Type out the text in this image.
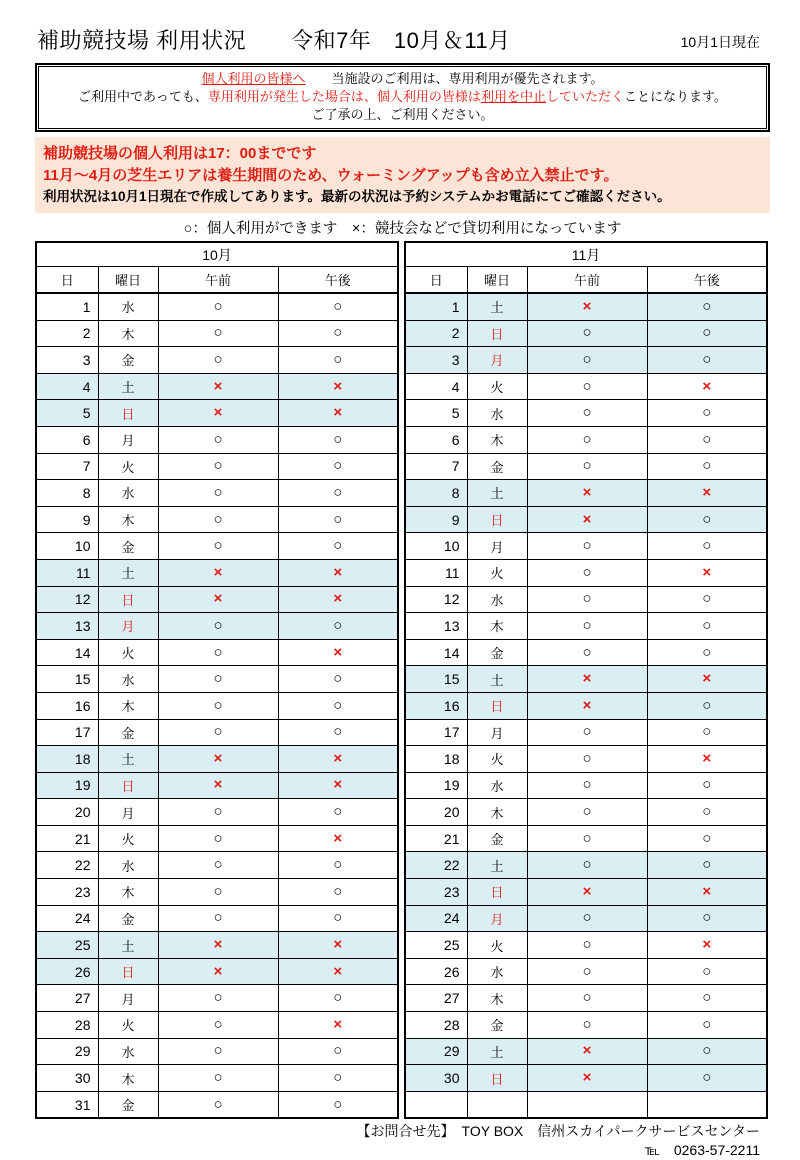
補助競技場 利用状況　　令和7年　10月＆11月	10月1日現在
個人利用の皆様へ　　当施設のご利用は、専用利用が優先されます。
ご利用中であっても、専用利用が発生した場合は、個人利用の皆様は利用を中止していただくことになります。
ご了承の上、ご利用ください。
補助競技場の個人利用は17：00までです
11月～4月の芝生エリアは養生期間のため、ウォーミングアップも含め立入禁止です。
利用状況は10月1日現在で作成してあります。最新の状況は予約システムかお電話にてご確認ください。
○：個人利用ができます　×：競技会などで貸切利用になっています
10月			
日	曜日	午前	午後
1	水	○	○
2	木	○	○
3	金	○	○
4	土	×	×
5	日	×	×
6	月	○	○
7	火	○	○
8	水	○	○
9	木	○	○
10	金	○	○
11	土	×	×
12	日	×	×
13	月	○	○
14	火	○	×
15	水	○	○
16	木	○	○
17	金	○	○
18	土	×	×
19	日	×	×
20	月	○	○
21	火	○	×
22	水	○	○
23	木	○	○
24	金	○	○
25	土	×	×
26	日	×	×
27	月	○	○
28	火	○	×
29	水	○	○
30	木	○	○
31	金	○	○
11月			
日	曜日	午前	午後
1	土	×	○
2	日	○	○
3	月	○	○
4	火	○	×
5	水	○	○
6	木	○	○
7	金	○	○
8	土	×	×
9	日	×	○
10	月	○	○
11	火	○	×
12	水	○	○
13	木	○	○
14	金	○	○
15	土	×	×
16	日	×	○
17	月	○	○
18	火	○	×
19	水	○	○
20	木	○	○
21	金	○	○
22	土	○	○
23	日	×	×
24	月	○	○
25	火	○	×
26	水	○	○
27	木	○	○
28	金	○	○
29	土	×	○
30	日	×	○

【お問合せ先】　TOY BOX　信州スカイパークサービスセンター
℡　0263-57-2211
